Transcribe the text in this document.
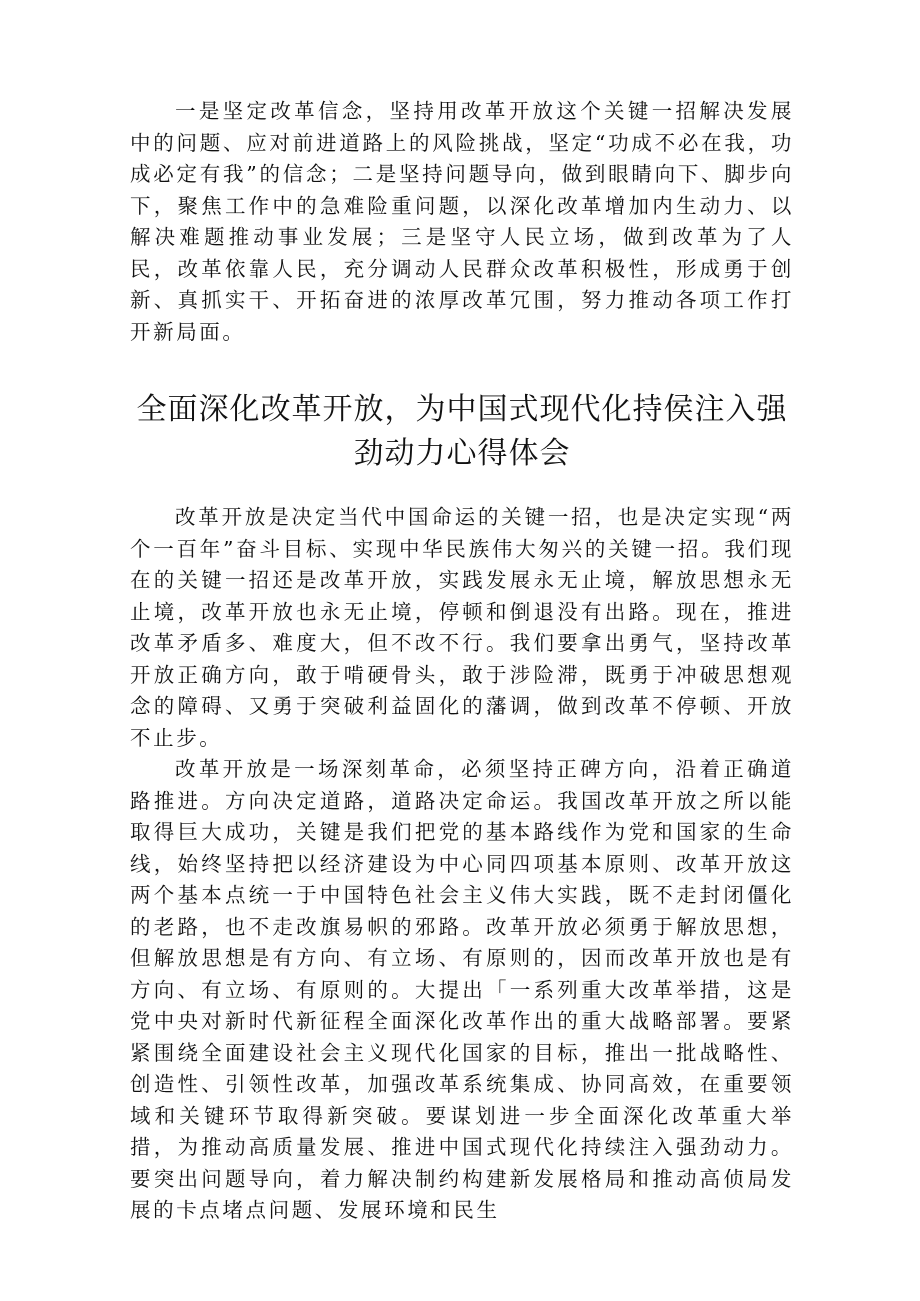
一是坚定改革信念，坚持用改革开放这个关键一招解决发展中的问题、应对前进道路上的风险挑战，坚定“功成不必在我，功成必定有我”的信念；二是坚持问题导向，做到眼睛向下、脚步向下，聚焦工作中的急难险重问题，以深化改革增加内生动力、以解决难题推动事业发展；三是坚守人民立场，做到改革为了人民，改革依靠人民，充分调动人民群众改革积极性，形成勇于创新、真抓实干、开拓奋进的浓厚改革冗围，努力推动各项工作打开新局面。

全面深化改革开放，为中国式现代化持侯注入强劲动力心得体会

改革开放是决定当代中国命运的关键一招，也是决定实现“两个一百年”奋斗目标、实现中华民族伟大匆兴的关键一招。我们现在的关键一招还是改革开放，实践发展永无止境，解放思想永无止境，改革开放也永无止境，停顿和倒退没有出路。现在，推进改革矛盾多、难度大，但不改不行。我们要拿出勇气，坚持改革开放正确方向，敢于啃硬骨头，敢于涉险滞，既勇于冲破思想观念的障碍、又勇于突破利益固化的藩调，做到改革不停顿、开放不止步。

改革开放是一场深刻革命，必须坚持正碑方向，沿着正确道路推进。方向决定道路，道路决定命运。我国改革开放之所以能取得巨大成功，关键是我们把党的基本路线作为党和国家的生命线，始终坚持把以经济建设为中心同四项基本原则、改革开放这两个基本点统一于中国特色社会主义伟大实践，既不走封闭僵化的老路，也不走改旗易帜的邪路。改革开放必须勇于解放思想，但解放思想是有方向、有立场、有原则的，因而改革开放也是有方向、有立场、有原则的。大提出「一系列重大改革举措，这是党中央对新时代新征程全面深化改革作出的重大战略部署。要紧紧围绕全面建设社会主义现代化国家的目标，推出一批战略性、创造性、引领性改革，加强改革系统集成、协同高效，在重要领域和关键环节取得新突破。要谋划进一步全面深化改革重大举措，为推动高质量发展、推进中国式现代化持续注入强劲动力。要突出问题导向，着力解决制约构建新发展格局和推动高侦局发展的卡点堵点问题、发展环境和民生
